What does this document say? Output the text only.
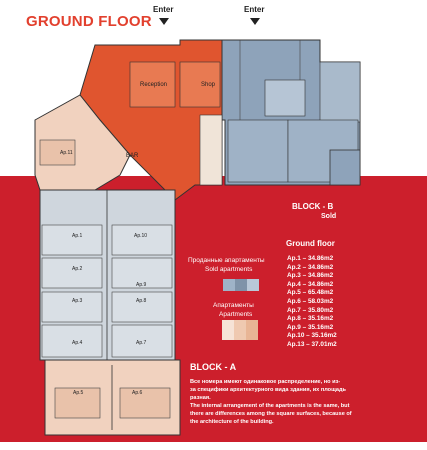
GROUND FLOOR
Enter	Enter
Reception	Shop
BAR
Ap.11
Ap.1
Ap.2
Ap.3
Ap.4
Ap.5	Ap.6
Ap.7
Ap.8
Ap.9
Ap.10
BLOCK - B
Sold
Ground floor
Ap.1 – 34.86m2
Ap.2 – 34.86m2
Ap.3 – 34.86m2
Ap.4 – 34.86m2
Ap.5 – 65.48m2
Ap.6 – 58.03m2
Ap.7 – 35.80m2
Ap.8 – 35.16m2
Ap.9 – 35.16m2
Ap.10 – 35.16m2
Ap.13 – 37.01m2
Проданные апартаменты
Sold apartments
Апартаменты
Apartments
BLOCK - A
Все номера имеют одинаковое распределение, но из-
за специфики архитектурного вида здания, их площадь
разная.
The internal arrangement of the apartments is the same, but
there are differences among the square surfaces, because of
the architecture of the building.
